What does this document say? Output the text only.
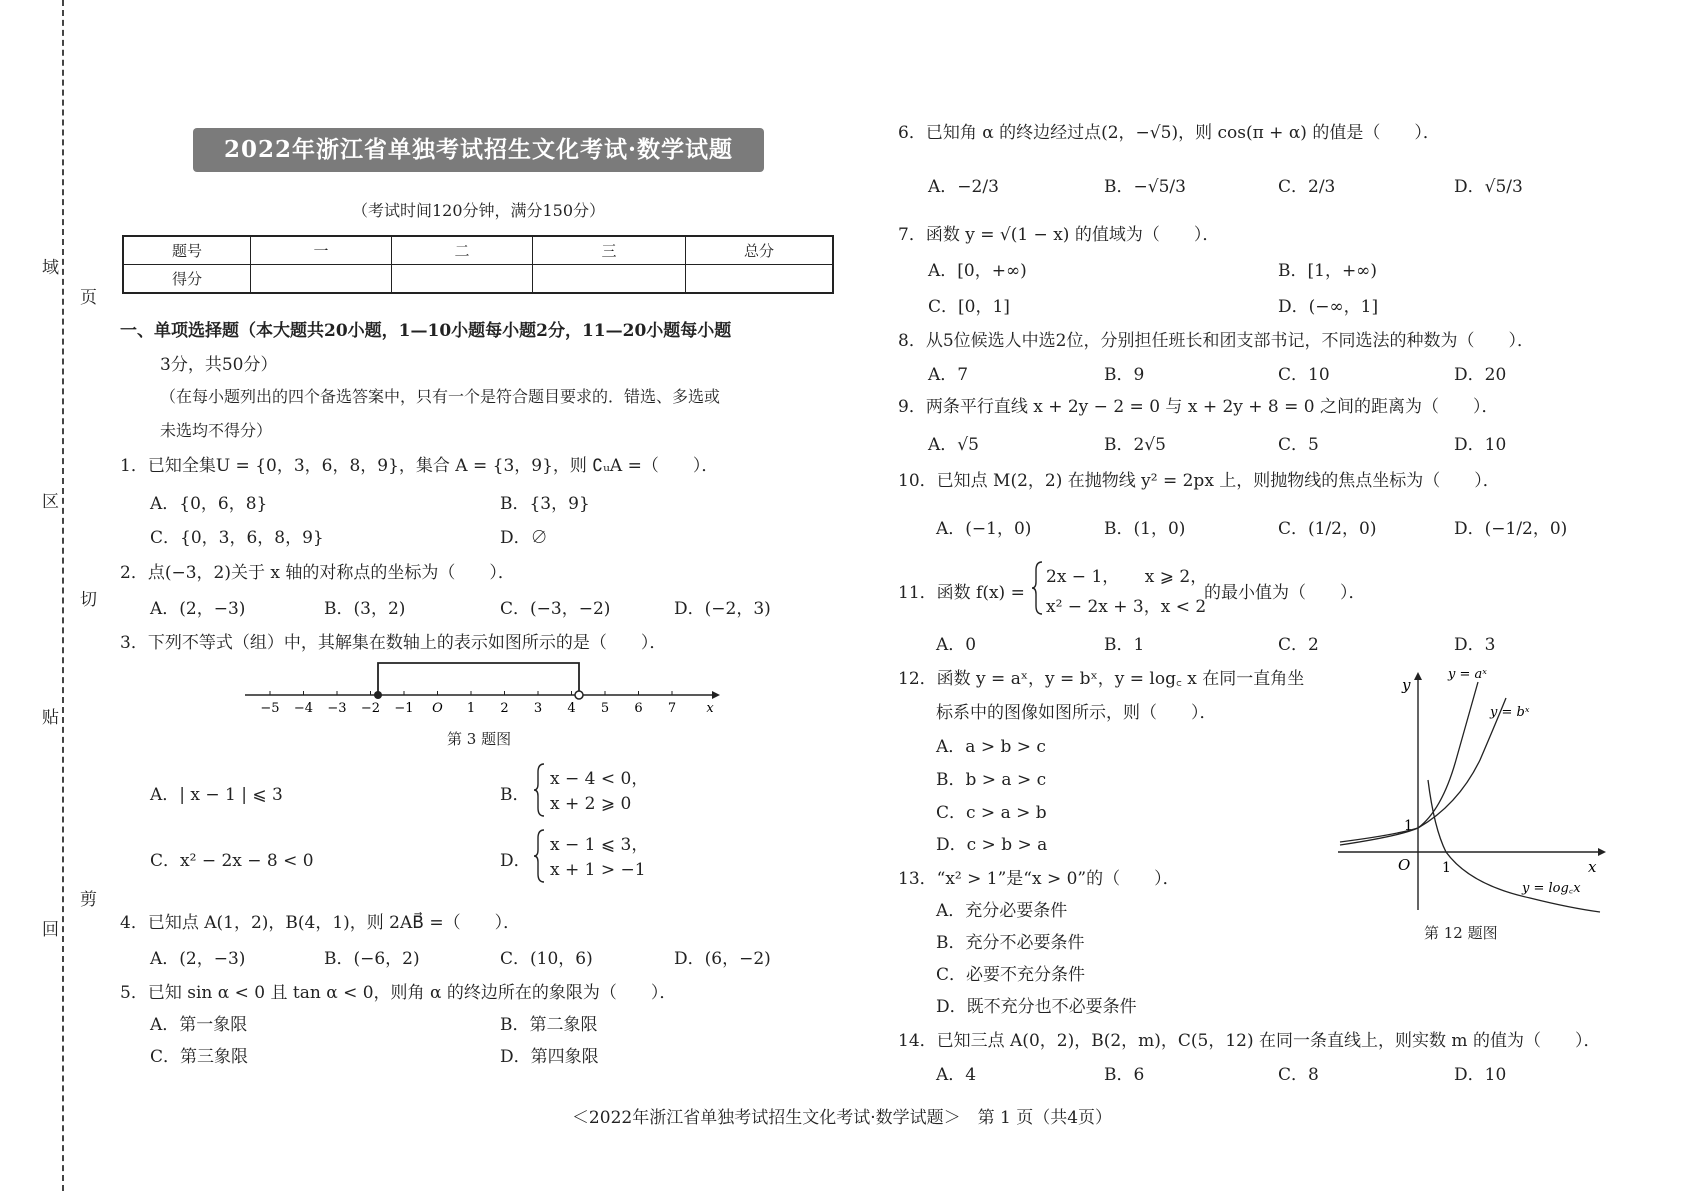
域
页
区
切
贴
回
剪
2022年浙江省单独考试招生文化考试·数学试题
（考试时间120分钟，满分150分）
题号	一	二	三	总分
得分				
一、单项选择题（本大题共20小题，1—10小题每小题2分，11—20小题每小题
3分，共50分）
（在每小题列出的四个备选答案中，只有一个是符合题目要求的．错选、多选或
未选均不得分）
1．已知全集U = {0，3，6，8，9}，集合 A = {3，9}，则 ∁ᵤA =（　　）．
A．{0，6，8}	B．{3，9}
C．{0，3，6，8，9}	D．∅
2．点(−3，2)关于 x 轴的对称点的坐标为（　　）．
A．(2，−3)	B．(3，2)	C．(−3，−2)	D．(−2，3)
3．下列不等式（组）中，其解集在数轴上的表示如图所示的是（　　）．
−5 −4 −3 −2 −1 O 1 2 3 4 5 6 7 x
第 3 题图
A．| x − 1 | ⩽ 3	B．
x − 4 < 0，
x + 2 ⩾ 0
C．x² − 2x − 8 < 0	D．
x − 1 ⩽ 3，
x + 1 > −1
4．已知点 A(1，2)，B(4，1)，则 2AB⃗ =（　　）．
A．(2，−3)	B．(−6，2)	C．(10，6)	D．(6，−2)
5．已知 sin α < 0 且 tan α < 0，则角 α 的终边所在的象限为（　　）．
A．第一象限	B．第二象限
C．第三象限	D．第四象限
6．已知角 α 的终边经过点(2，−√5)，则 cos(π + α) 的值是（　　）．
A．−2/3	B．−√5/3	C．2/3	D．√5/3
7．函数 y = √(1 − x) 的值域为（　　）．
A．[0，+∞)	B．[1，+∞)
C．[0，1]	D．(−∞，1]
8．从5位候选人中选2位，分别担任班长和团支部书记，不同选法的种数为（　　）．
A．7	B．9	C．10	D．20
9．两条平行直线 x + 2y − 2 = 0 与 x + 2y + 8 = 0 之间的距离为（　　）．
A．√5	B．2√5	C．5	D．10
10．已知点 M(2，2) 在抛物线 y² = 2px 上，则抛物线的焦点坐标为（　　）．
A．(−1，0)	B．(1，0)	C．(1/2，0)	D．(−1/2，0)
11．函数 f(x) =
2x − 1，　　x ⩾ 2，
x² − 2x + 3，x < 2
的最小值为（　　）．
A．0	B．1	C．2	D．3
12．函数 y = aˣ，y = bˣ，y = log꜀ x 在同一直角坐
标系中的图像如图所示，则（　　）．
A．a > b > c
B．b > a > c
C．c > a > b
D．c > b > a
y
x
O
1
1
y = aˣ
y = bˣ
y = log꜀x
第 12 题图
13．“x² > 1”是“x > 0”的（　　）．
A．充分必要条件
B．充分不必要条件
C．必要不充分条件
D．既不充分也不必要条件
14．已知三点 A(0，2)，B(2，m)，C(5，12) 在同一条直线上，则实数 m 的值为（　　）．
A．4	B．6	C．8	D．10
＜2022年浙江省单独考试招生文化考试·数学试题＞　第 1 页（共4页）
